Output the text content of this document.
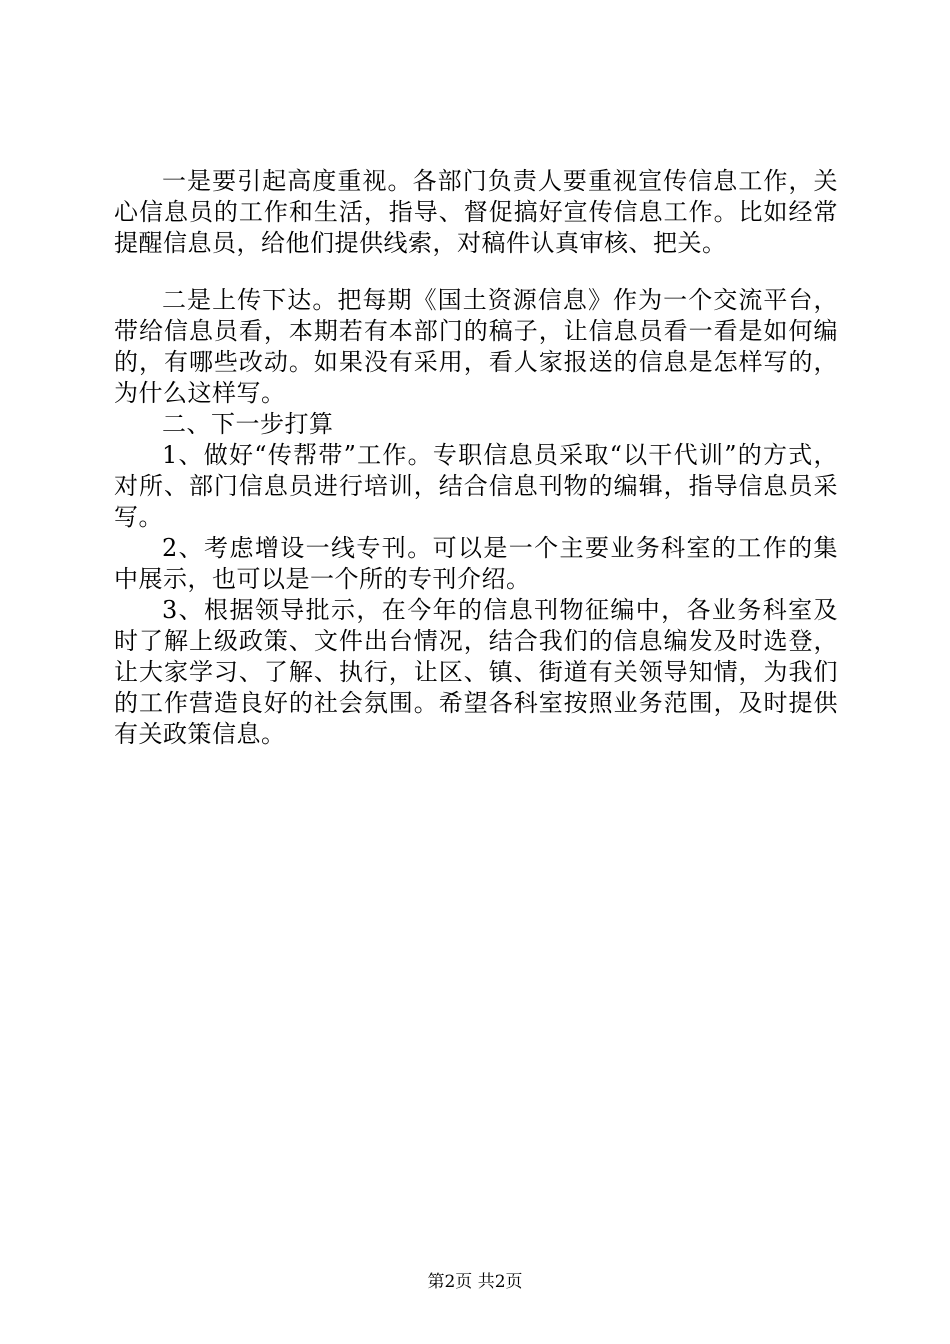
一是要引起高度重视。各部门负责人要重视宣传信息工作，关心信息员的工作和生活，指导、督促搞好宣传信息工作。比如经常提醒信息员，给他们提供线索，对稿件认真审核、把关。

二是上传下达。把每期《国土资源信息》作为一个交流平台，带给信息员看，本期若有本部门的稿子，让信息员看一看是如何编的，有哪些改动。如果没有采用，看人家报送的信息是怎样写的，为什么这样写。

二、下一步打算

1、做好“传帮带”工作。专职信息员采取“以干代训”的方式，对所、部门信息员进行培训，结合信息刊物的编辑，指导信息员采写。

2、考虑增设一线专刊。可以是一个主要业务科室的工作的集中展示，也可以是一个所的专刊介绍。

3、根据领导批示，在今年的信息刊物征编中，各业务科室及时了解上级政策、文件出台情况，结合我们的信息编发及时选登，让大家学习、了解、执行，让区、镇、街道有关领导知情，为我们的工作营造良好的社会氛围。希望各科室按照业务范围，及时提供有关政策信息。

第2页 共2页
